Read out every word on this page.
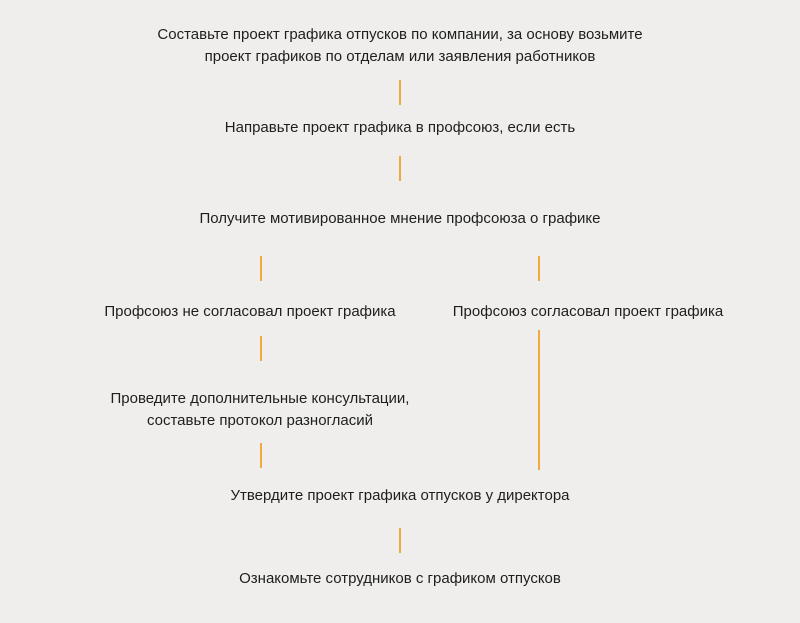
Составьте проект графика отпусков по компании, за основу возьмите
проект графиков по отделам или заявления работников
Направьте проект графика в профсоюз, если есть
Получите мотивированное мнение профсоюза о графике
Профсоюз не согласовал проект графика	Профсоюз согласовал проект графика
Проведите дополнительные консультации,
составьте протокол разногласий
Утвердите проект графика отпусков у директора
Ознакомьте сотрудников с графиком отпусков
